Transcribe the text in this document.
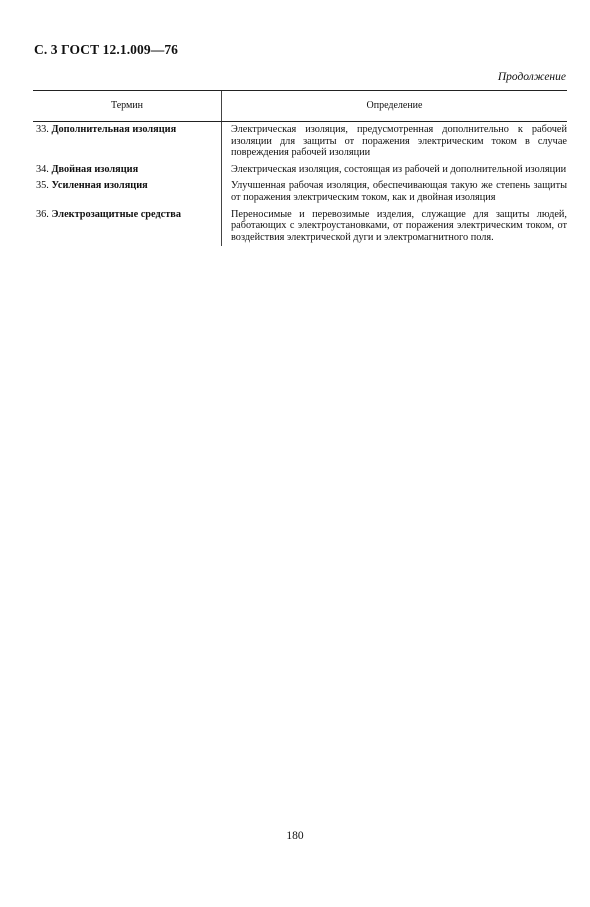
С. 3 ГОСТ 12.1.009—76
Продолжение
Термин	Определение
33. Дополнительная изоляция	Электрическая изоляция, предусмотренная дополнительно к рабочей изоляции для защиты от поражения электрическим током в случае повреждения рабочей изоляции
34. Двойная изоляция	Электрическая изоляция, состоящая из рабочей и дополнительной изоляции
35. Усиленная изоляция	Улучшенная рабочая изоляция, обеспечивающая такую же степень защиты от поражения электрическим током, как и двойная изоляция
36. Электрозащитные средства	Переносимые и перевозимые изделия, служащие для защиты людей, работающих с электроустановками, от поражения электрическим током, от воздействия электрической дуги и электромагнитного поля.
180
